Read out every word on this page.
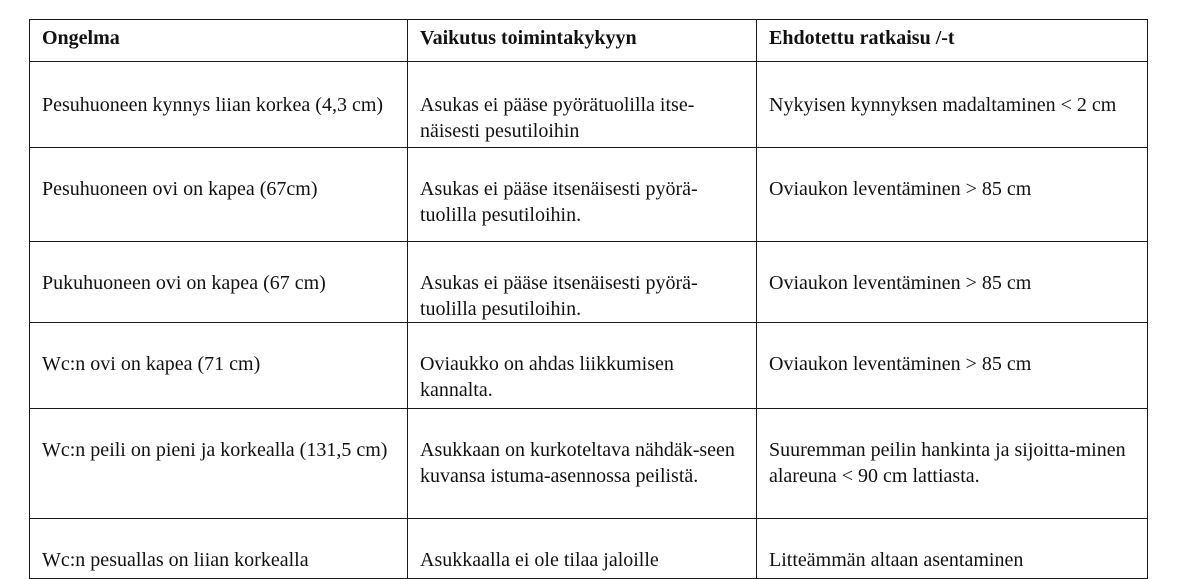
Ongelma	Vaikutus toimintakykyyn	Ehdotettu ratkaisu /-t
Pesuhuoneen kynnys liian korkea (4,3 cm)	Asukas ei pääse pyörätuolilla itse-näisesti pesutiloihin	Nykyisen kynnyksen madaltaminen < 2 cm
Pesuhuoneen ovi on kapea (67cm)	Asukas ei pääse itsenäisesti pyörä-tuolilla pesutiloihin.	Oviaukon leventäminen > 85 cm
Pukuhuoneen ovi on kapea (67 cm)	Asukas ei pääse itsenäisesti pyörä-tuolilla pesutiloihin.	Oviaukon leventäminen > 85 cm
Wc:n ovi on kapea (71 cm)	Oviaukko on ahdas liikkumisen kannalta.	Oviaukon leventäminen > 85 cm
Wc:n peili on pieni ja korkealla (131,5 cm)	Asukkaan on kurkoteltava nähdäk-seen kuvansa istuma-asennossa peilistä.	Suuremman peilin hankinta ja sijoitta-minen alareuna < 90 cm lattiasta.
Wc:n pesuallas on liian korkealla	Asukkaalla ei ole tilaa jaloille	Litteämmän altaan asentaminen
